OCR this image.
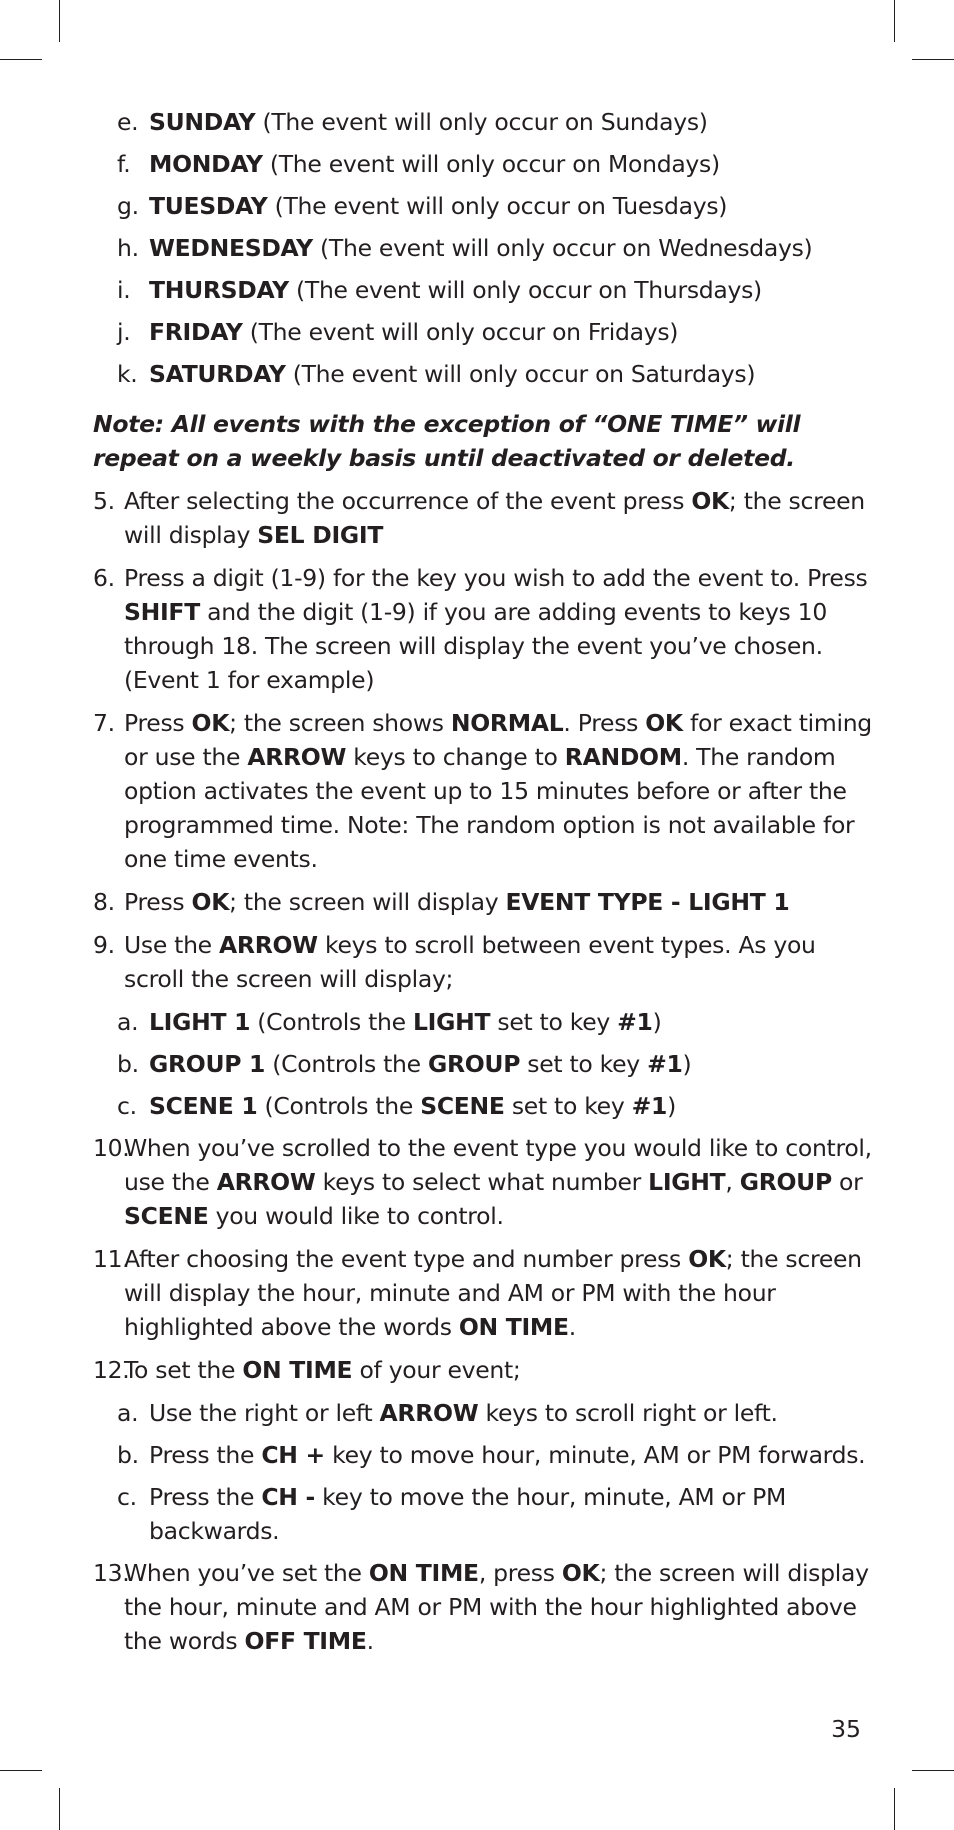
e. SUNDAY (The event will only occur on Sundays)
f. MONDAY (The event will only occur on Mondays)
g. TUESDAY (The event will only occur on Tuesdays)
h. WEDNESDAY (The event will only occur on Wednesdays)
i. THURSDAY (The event will only occur on Thursdays)
j. FRIDAY (The event will only occur on Fridays)
k. SATURDAY (The event will only occur on Saturdays)
Note: All events with the exception of “ONE TIME” will repeat on a weekly basis until deactivated or deleted.
5. After selecting the occurrence of the event press OK; the screen will display SEL DIGIT
6. Press a digit (1-9) for the key you wish to add the event to. Press SHIFT and the digit (1-9) if you are adding events to keys 10 through 18. The screen will display the event you’ve chosen. (Event 1 for example)
7. Press OK; the screen shows NORMAL. Press OK for exact timing or use the ARROW keys to change to RANDOM. The random option activates the event up to 15 minutes before or after the programmed time. Note: The random option is not available for one time events.
8. Press OK; the screen will display EVENT TYPE - LIGHT 1
9. Use the ARROW keys to scroll between event types. As you scroll the screen will display;
a. LIGHT 1 (Controls the LIGHT set to key #1)
b. GROUP 1 (Controls the GROUP set to key #1)
c. SCENE 1 (Controls the SCENE set to key #1)
10.
When you’ve scrolled to the event type you would like to control, use the ARROW keys to select what number LIGHT, GROUP or SCENE you would like to control.
11.
After choosing the event type and number press OK; the screen will display the hour, minute and AM or PM with the hour highlighted above the words ON TIME.
12.
To set the ON TIME of your event;
a. Use the right or left ARROW keys to scroll right or left.
b. Press the CH + key to move hour, minute, AM or PM forwards.
c. Press the CH - key to move the hour, minute, AM or PM backwards.
13.
When you’ve set the ON TIME, press OK; the screen will display the hour, minute and AM or PM with the hour highlighted above the words OFF TIME.
35
